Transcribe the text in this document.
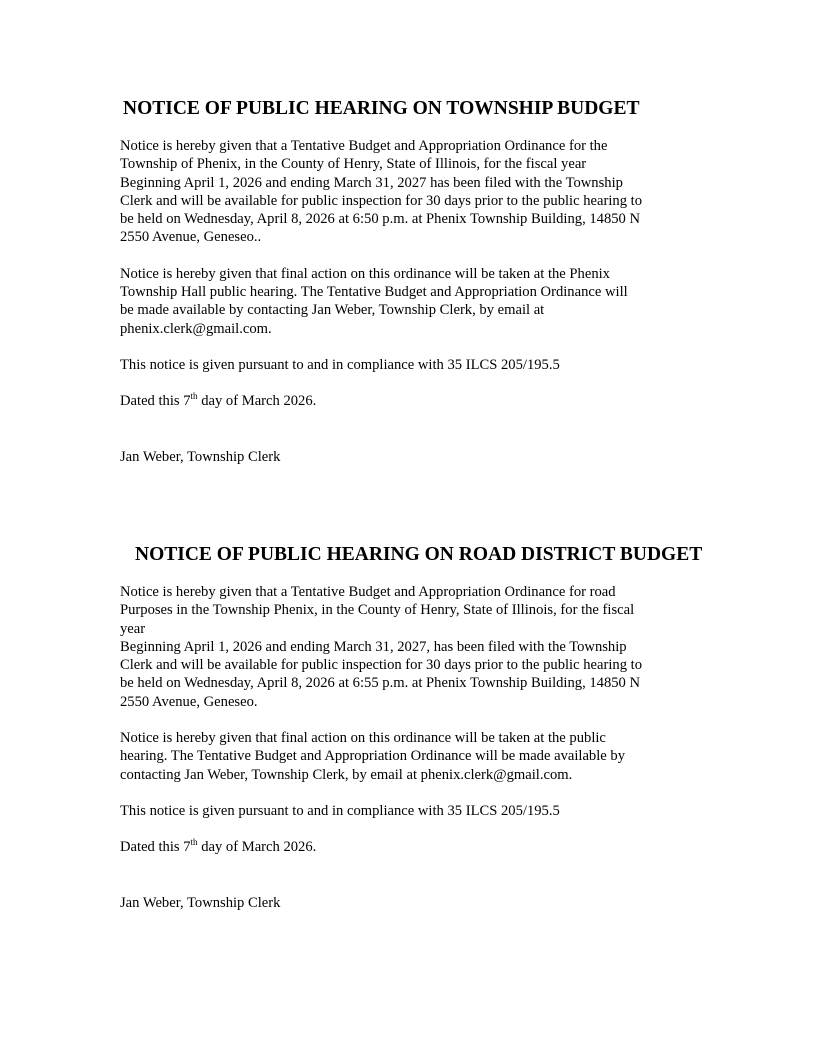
NOTICE OF PUBLIC HEARING ON TOWNSHIP BUDGET

Notice is hereby given that a Tentative Budget and Appropriation Ordinance for the
Township of Phenix, in the County of Henry, State of Illinois, for the fiscal year
Beginning April 1, 2026 and ending March 31, 2027 has been filed with the Township
Clerk and will be available for public inspection for 30 days prior to the public hearing to
be held on Wednesday, April 8, 2026 at 6:50 p.m. at Phenix Township Building, 14850 N
2550 Avenue, Geneseo..

Notice is hereby given that final action on this ordinance will be taken at the Phenix
Township Hall public hearing. The Tentative Budget and Appropriation Ordinance will
be made available by contacting Jan Weber, Township Clerk, by email at
phenix.clerk@gmail.com.

This notice is given pursuant to and in compliance with 35 ILCS 205/195.5

Dated this 7th day of March 2026.

Jan Weber, Township Clerk

NOTICE OF PUBLIC HEARING ON ROAD DISTRICT BUDGET

Notice is hereby given that a Tentative Budget and Appropriation Ordinance for road
Purposes in the Township Phenix, in the County of Henry, State of Illinois, for the fiscal
year
Beginning April 1, 2026 and ending March 31, 2027, has been filed with the Township
Clerk and will be available for public inspection for 30 days prior to the public hearing to
be held on Wednesday, April 8, 2026 at 6:55 p.m. at Phenix Township Building, 14850 N
2550 Avenue, Geneseo.

Notice is hereby given that final action on this ordinance will be taken at the public
hearing. The Tentative Budget and Appropriation Ordinance will be made available by
contacting Jan Weber, Township Clerk, by email at phenix.clerk@gmail.com.

This notice is given pursuant to and in compliance with 35 ILCS 205/195.5

Dated this 7th day of March 2026.

Jan Weber, Township Clerk
